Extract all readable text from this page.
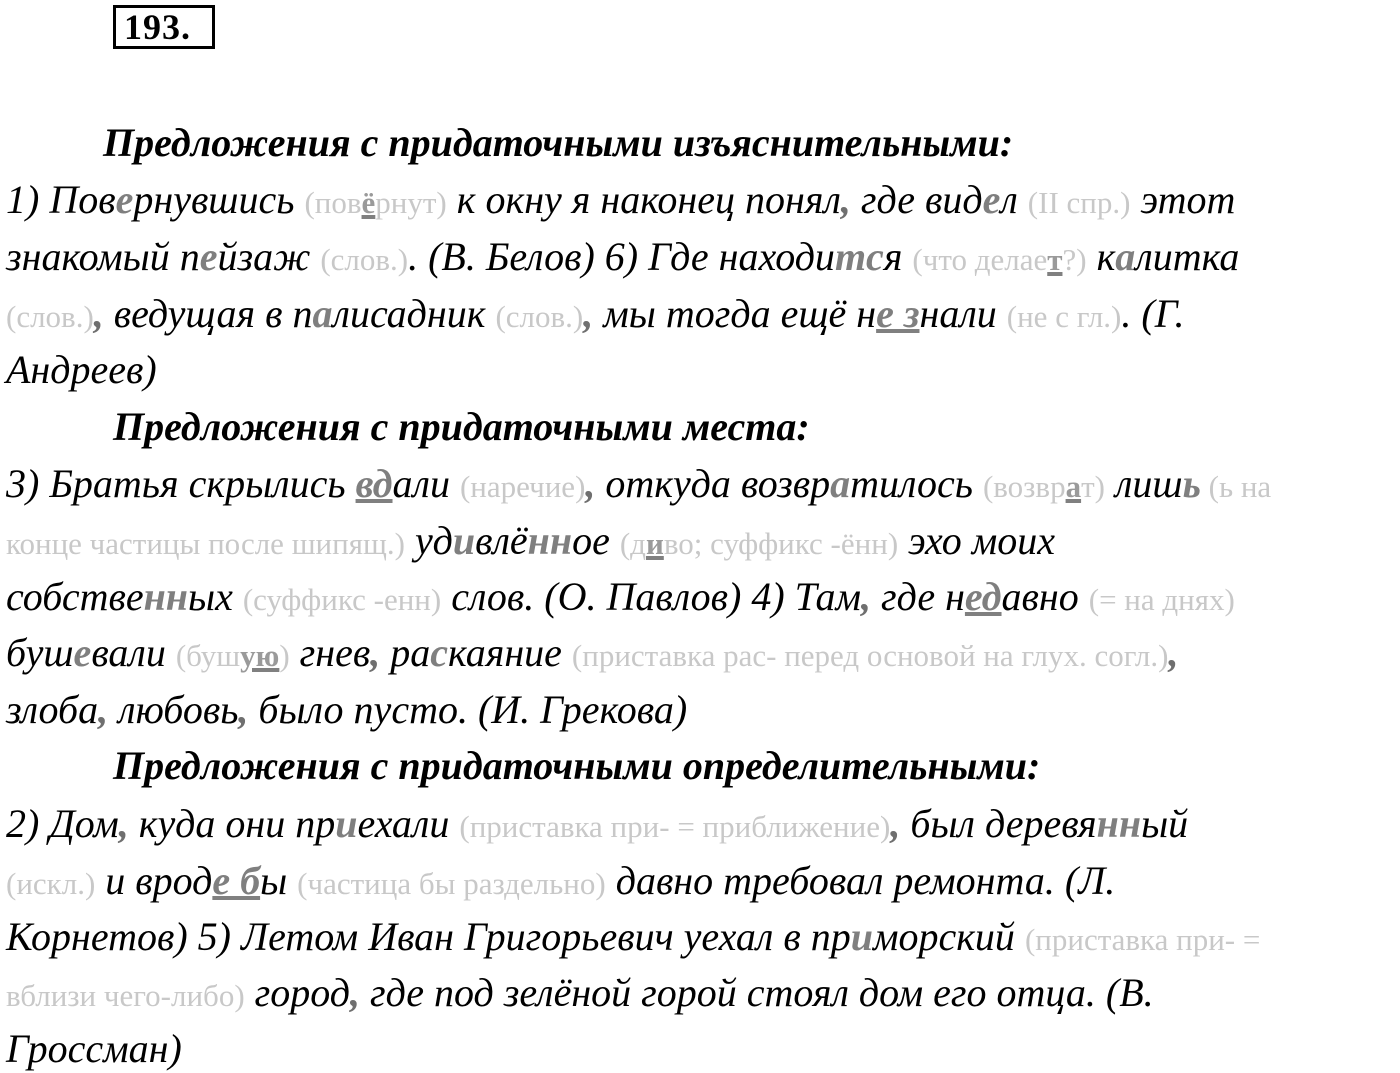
193.
Предложения с придаточными изъяснительными:
1) Повернувшись (повёрнут) к окну я наконец понял, где видел (II спр.) этот
знакомый пейзаж (слов.). (В. Белов) 6) Где находится (что делает?) калитка
(слов.), ведущая в палисадник (слов.), мы тогда ещё не знали (не с гл.). (Г.
Андреев)
Предложения с придаточными места:
3) Братья скрылись вдали (наречие), откуда возвратилось (возврат) лишь (ь на
конце частицы после шипящ.) удивлённое (диво; суффикс -ённ) эхо моих
собственных (суффикс -енн) слов. (О. Павлов) 4) Там, где недавно (= на днях)
бушевали (бушую) гнев, раскаяние (приставка рас- перед основой на глух. согл.),
злоба, любовь, было пусто. (И. Грекова)
Предложения с придаточными определительными:
2) Дом, куда они приехали (приставка при- = приближение), был деревянный
(искл.) и вроде бы (частица бы раздельно) давно требовал ремонта. (Л.
Корнетов) 5) Летом Иван Григорьевич уехал в приморский (приставка при- =
вблизи чего-либо) город, где под зелёной горой стоял дом его отца. (В.
Гроссман)
